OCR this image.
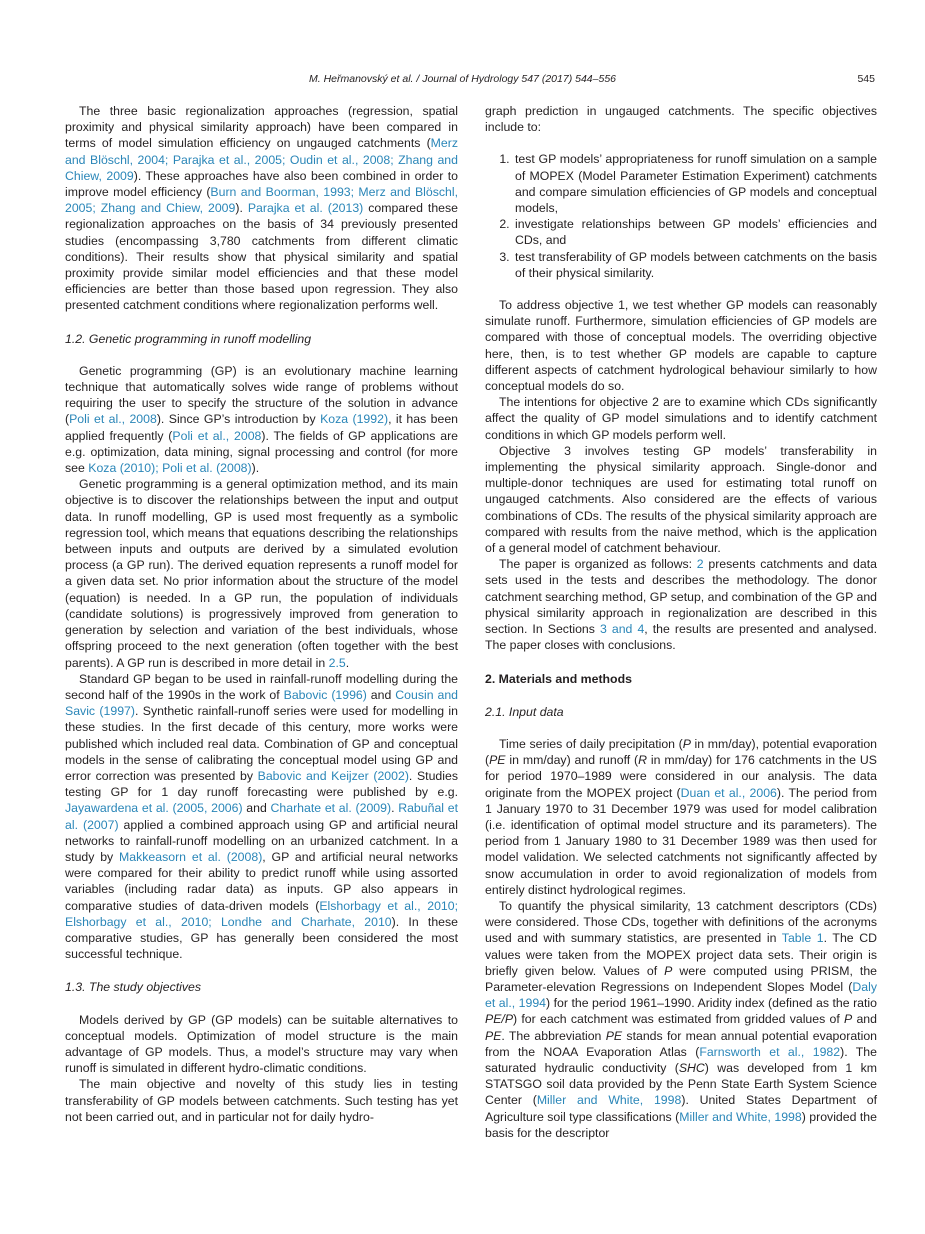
M. Heřmanovský et al. / Journal of Hydrology 547 (2017) 544–556	545

The three basic regionalization approaches (regression, spatial proximity and physical similarity approach) have been compared in terms of model simulation efficiency on ungauged catchments (Merz and Blöschl, 2004; Parajka et al., 2005; Oudin et al., 2008; Zhang and Chiew, 2009). These approaches have also been combined in order to improve model efficiency (Burn and Boorman, 1993; Merz and Blöschl, 2005; Zhang and Chiew, 2009). Parajka et al. (2013) compared these regionalization approaches on the basis of 34 previously presented studies (encompassing 3,780 catchments from different climatic conditions). Their results show that physical similarity and spatial proximity provide similar model efficiencies and that these model efficiencies are better than those based upon regression. They also presented catchment conditions where regionalization performs well.

1.2. Genetic programming in runoff modelling

Genetic programming (GP) is an evolutionary machine learning technique that automatically solves wide range of problems without requiring the user to specify the structure of the solution in advance (Poli et al., 2008). Since GP’s introduction by Koza (1992), it has been applied frequently (Poli et al., 2008). The fields of GP applications are e.g. optimization, data mining, signal processing and control (for more see Koza (2010); Poli et al. (2008)).

Genetic programming is a general optimization method, and its main objective is to discover the relationships between the input and output data. In runoff modelling, GP is used most frequently as a symbolic regression tool, which means that equations describing the relationships between inputs and outputs are derived by a simulated evolution process (a GP run). The derived equation represents a runoff model for a given data set. No prior information about the structure of the model (equation) is needed. In a GP run, the population of individuals (candidate solutions) is progressively improved from generation to generation by selection and variation of the best individuals, whose offspring proceed to the next generation (often together with the best parents). A GP run is described in more detail in 2.5.

Standard GP began to be used in rainfall-runoff modelling during the second half of the 1990s in the work of Babovic (1996) and Cousin and Savic (1997). Synthetic rainfall-runoff series were used for modelling in these studies. In the first decade of this century, more works were published which included real data. Combination of GP and conceptual models in the sense of calibrating the conceptual model using GP and error correction was presented by Babovic and Keijzer (2002). Studies testing GP for 1 day runoff forecasting were published by e.g. Jayawardena et al. (2005, 2006) and Charhate et al. (2009). Rabuñal et al. (2007) applied a combined approach using GP and artificial neural networks to rainfall-runoff modelling on an urbanized catchment. In a study by Makkeasorn et al. (2008), GP and artificial neural networks were compared for their ability to predict runoff while using assorted variables (including radar data) as inputs. GP also appears in comparative studies of data-driven models (Elshorbagy et al., 2010; Elshorbagy et al., 2010; Londhe and Charhate, 2010). In these comparative studies, GP has generally been considered the most successful technique.

1.3. The study objectives

Models derived by GP (GP models) can be suitable alternatives to conceptual models. Optimization of model structure is the main advantage of GP models. Thus, a model’s structure may vary when runoff is simulated in different hydro-climatic conditions.

The main objective and novelty of this study lies in testing transferability of GP models between catchments. Such testing has yet not been carried out, and in particular not for daily hydro-

graph prediction in ungauged catchments. The specific objectives include to:

1. test GP models’ appropriateness for runoff simulation on a sample of MOPEX (Model Parameter Estimation Experiment) catchments and compare simulation efficiencies of GP models and conceptual models,
2. investigate relationships between GP models’ efficiencies and CDs, and
3. test transferability of GP models between catchments on the basis of their physical similarity.

To address objective 1, we test whether GP models can reasonably simulate runoff. Furthermore, simulation efficiencies of GP models are compared with those of conceptual models. The overriding objective here, then, is to test whether GP models are capable to capture different aspects of catchment hydrological behaviour similarly to how conceptual models do so.

The intentions for objective 2 are to examine which CDs significantly affect the quality of GP model simulations and to identify catchment conditions in which GP models perform well.

Objective 3 involves testing GP models’ transferability in implementing the physical similarity approach. Single-donor and multiple-donor techniques are used for estimating total runoff on ungauged catchments. Also considered are the effects of various combinations of CDs. The results of the physical similarity approach are compared with results from the naive method, which is the application of a general model of catchment behaviour.

The paper is organized as follows: 2 presents catchments and data sets used in the tests and describes the methodology. The donor catchment searching method, GP setup, and combination of the GP and physical similarity approach in regionalization are described in this section. In Sections 3 and 4, the results are presented and analysed. The paper closes with conclusions.

2. Materials and methods
2.1. Input data

Time series of daily precipitation (P in mm/day), potential evaporation (PE in mm/day) and runoff (R in mm/day) for 176 catchments in the US for period 1970–1989 were considered in our analysis. The data originate from the MOPEX project (Duan et al., 2006). The period from 1 January 1970 to 31 December 1979 was used for model calibration (i.e. identification of optimal model structure and its parameters). The period from 1 January 1980 to 31 December 1989 was then used for model validation. We selected catchments not significantly affected by snow accumulation in order to avoid regionalization of models from entirely distinct hydrological regimes.

To quantify the physical similarity, 13 catchment descriptors (CDs) were considered. Those CDs, together with definitions of the acronyms used and with summary statistics, are presented in Table 1. The CD values were taken from the MOPEX project data sets. Their origin is briefly given below. Values of P were computed using PRISM, the Parameter-elevation Regressions on Independent Slopes Model (Daly et al., 1994) for the period 1961–1990. Aridity index (defined as the ratio PE/P) for each catchment was estimated from gridded values of P and PE. The abbreviation PE stands for mean annual potential evaporation from the NOAA Evaporation Atlas (Farnsworth et al., 1982). The saturated hydraulic conductivity (SHC) was developed from 1 km STATSGO soil data provided by the Penn State Earth System Science Center (Miller and White, 1998). United States Department of Agriculture soil type classifications (Miller and White, 1998) provided the basis for the descriptor
